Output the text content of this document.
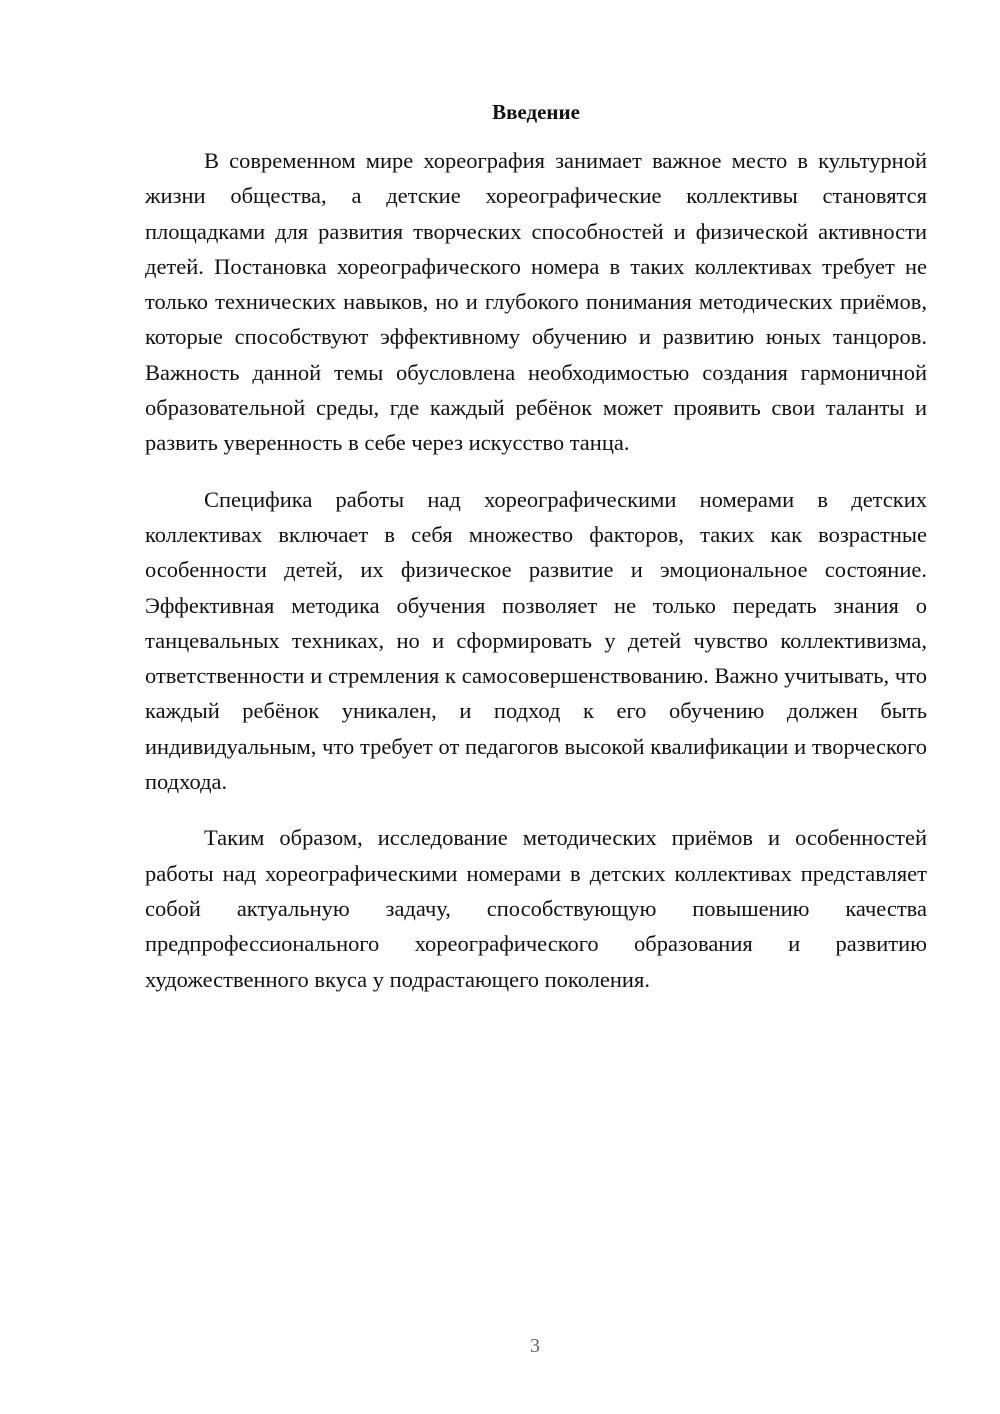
Введение

В современном мире хореография занимает важное место в культурной жизни общества, а детские хореографические коллективы становятся площадками для развития творческих способностей и физической активности детей. Постановка хореографического номера в таких коллективах требует не только технических навыков, но и глубокого понимания методических приёмов, которые способствуют эффективному обучению и развитию юных танцоров. Важность данной темы обусловлена необходимостью создания гармоничной образовательной среды, где каждый ребёнок может проявить свои таланты и развить уверенность в себе через искусство танца.

Специфика работы над хореографическими номерами в детских коллективах включает в себя множество факторов, таких как возрастные особенности детей, их физическое развитие и эмоциональное состояние. Эффективная методика обучения позволяет не только передать знания о танцевальных техниках, но и сформировать у детей чувство коллективизма, ответственности и стремления к самосовершенствованию. Важно учитывать, что каждый ребёнок уникален, и подход к его обучению должен быть индивидуальным, что требует от педагогов высокой квалификации и творческого подхода.

Таким образом, исследование методических приёмов и особенностей работы над хореографическими номерами в детских коллективах представляет собой актуальную задачу, способствующую повышению качества предпрофессионального хореографического образования и развитию художественного вкуса у подрастающего поколения.

3
